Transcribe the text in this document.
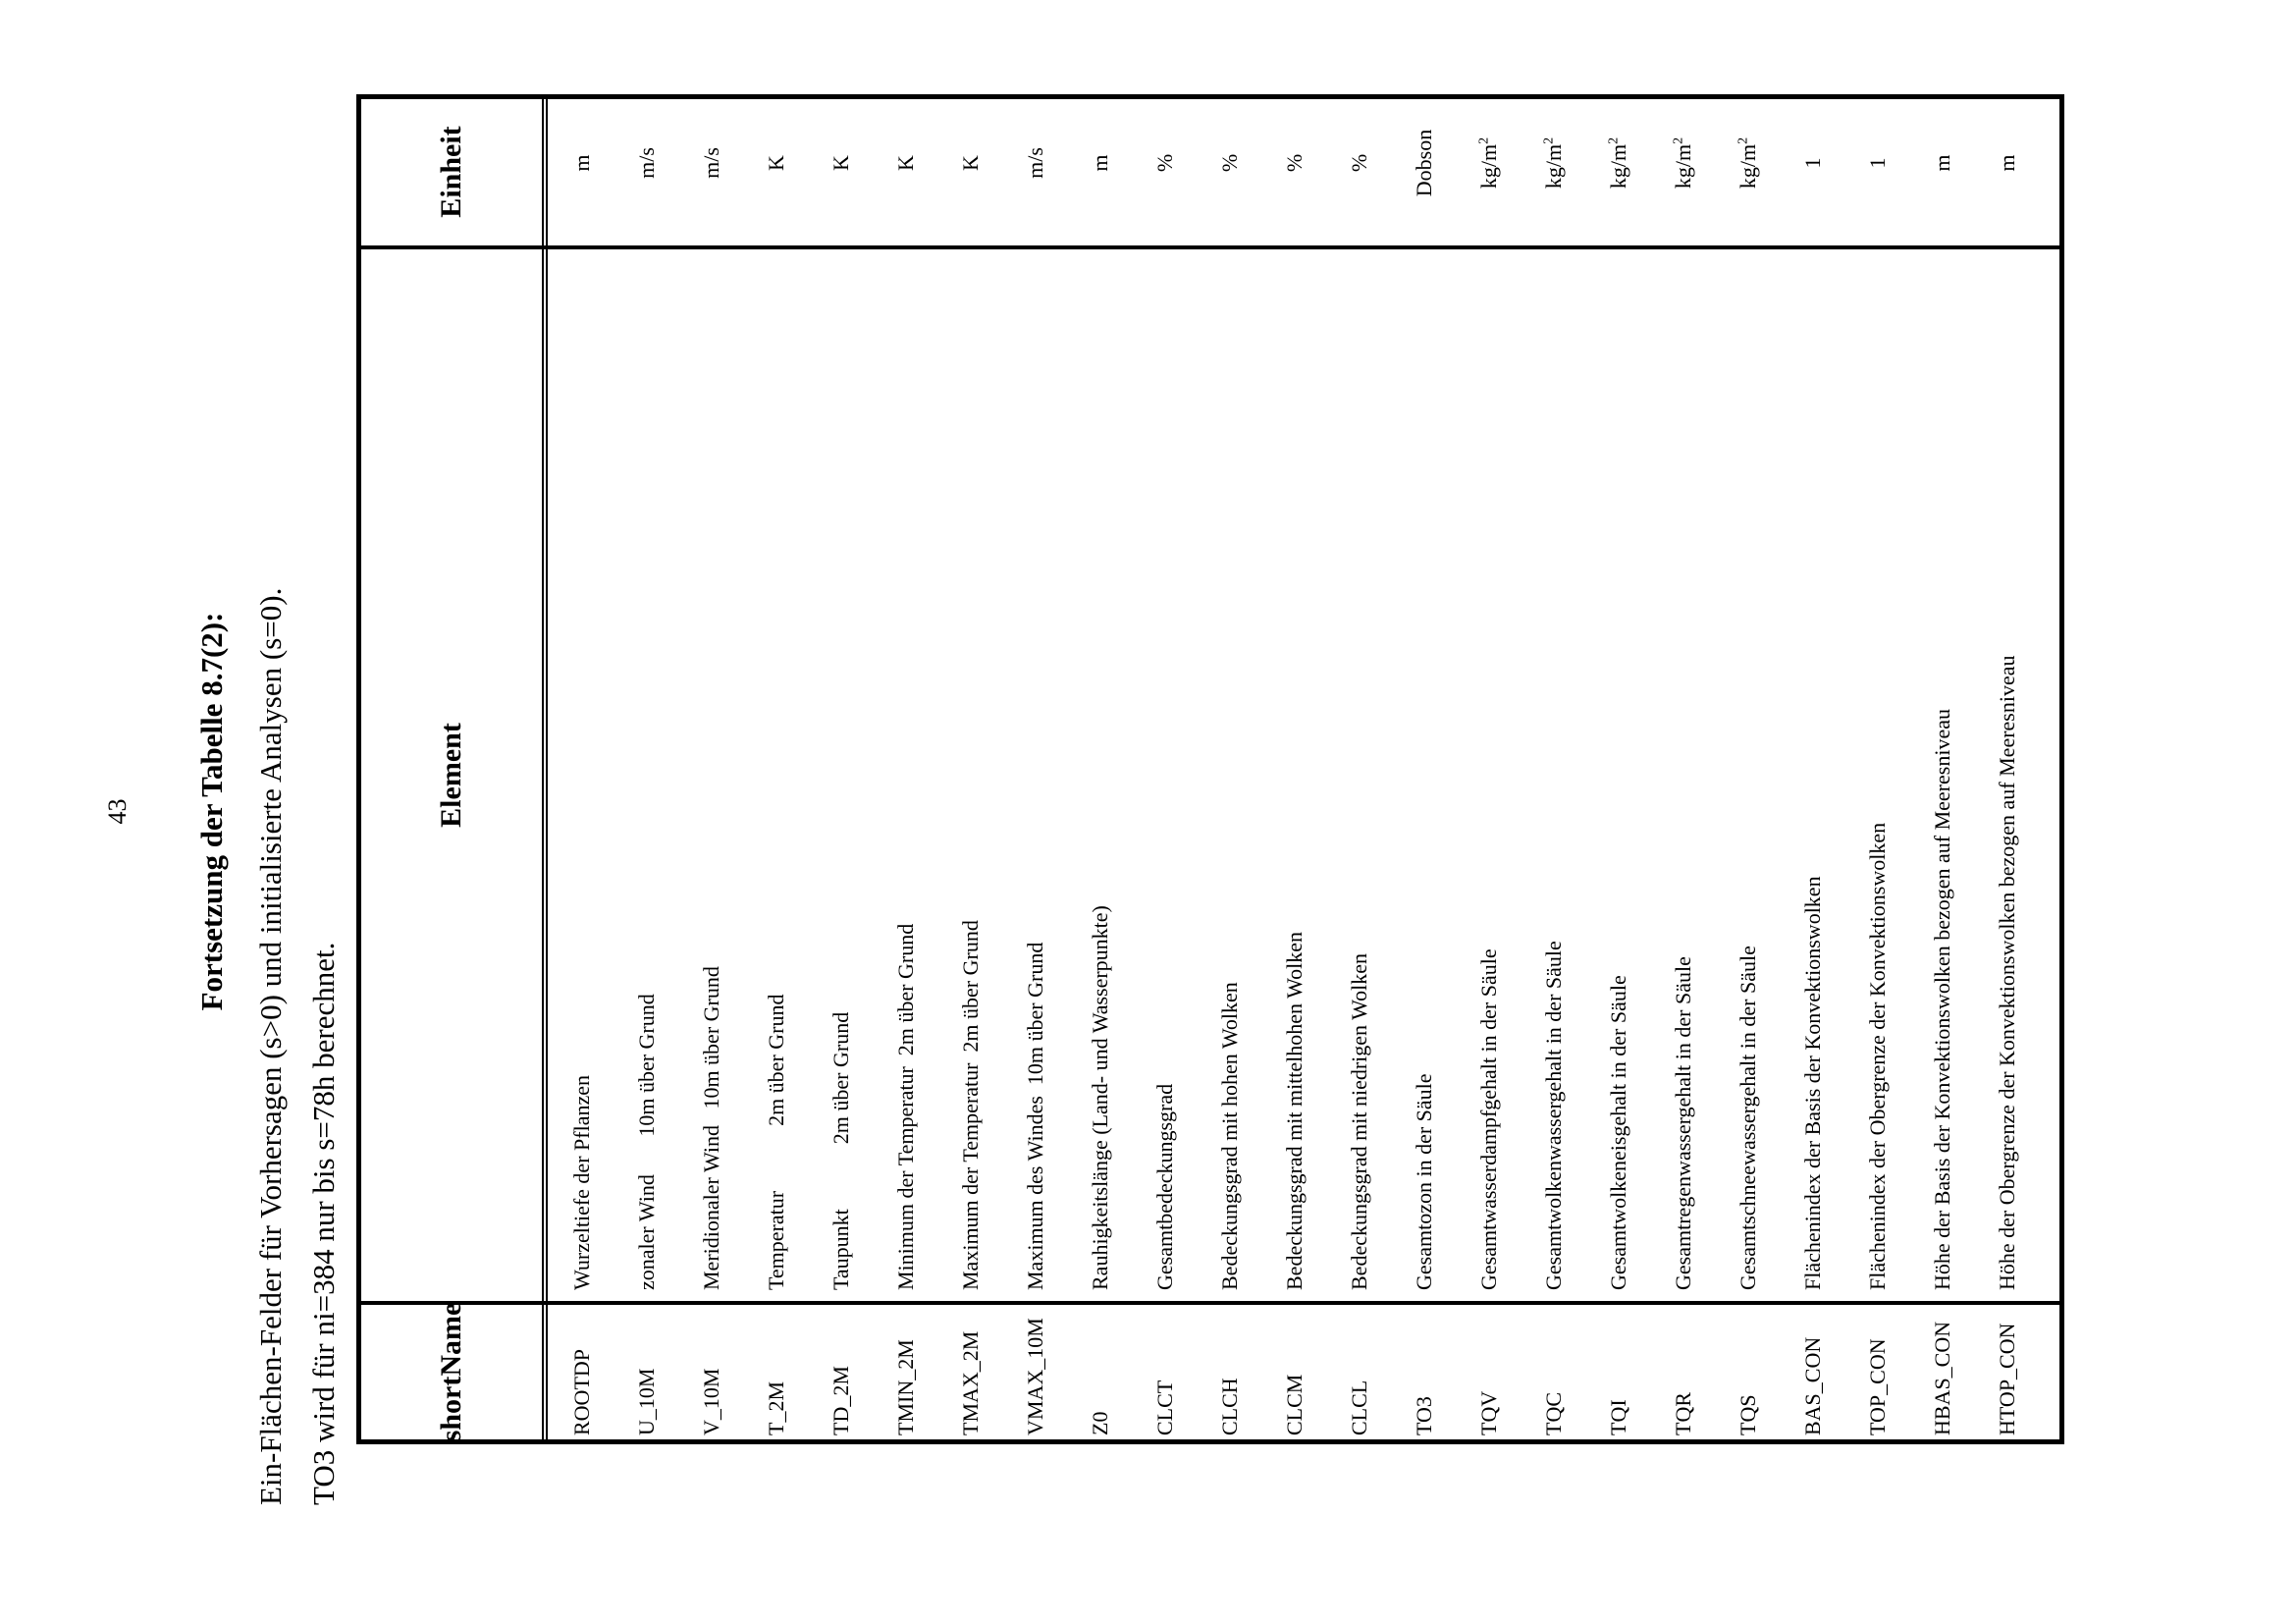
43 Fortsetzung der Tabelle 8.7(2): Ein-Flächen-Felder für Vorhersagen (s>0) und initialisierte Analysen (s=0). TO3 wird für ni=384 nur bis s=78h berechnet.	shortName
Element
Einheit
ROOTDP
Wurzeltiefe der Pflanzen
m
U_10M
zonaler Wind       10m über Grund
m/s
V_10M
Meridionaler Wind   10m über Grund
m/s
T_2M
Temperatur            2m über Grund
K
TD_2M
Taupunkt            2m über Grund
K
TMIN_2M
Minimum der Temperatur  2m über Grund
K
TMAX_2M
Maximum der Temperatur  2m über Grund
K
VMAX_10M
Maximum des Windes  10m über Grund
m/s
Z0
Rauhigkeitslänge (Land- und Wasserpunkte)
m
CLCT
Gesamtbedeckungsgrad
%
CLCH
Bedeckungsgrad mit hohen Wolken
%
CLCM
Bedeckungsgrad mit mittelhohen Wolken
%
CLCL
Bedeckungsgrad mit niedrigen Wolken
%
TO3
Gesamtozon in der Säule
Dobson
TQV
Gesamtwasserdampfgehalt in der Säule
$kg/m^2$
TQC
Gesamtwolkenwassergehalt in der Säule
$kg/m^2$
TQI
Gesamtwolkeneisgehalt in der Säule
$kg/m^2$
TQR
Gesamtregenwassergehalt in der Säule
$kg/m^2$
TQS
Gesamtschneewassergehalt in der Säule
$kg/m^2$
BAS_CON
Flächenindex der Basis der Konvektionswolken
1
TOP_CON
Flächenindex der Obergrenze der Konvektionswolken
1
HBAS_CON
Höhe der Basis der Konvektionswolken bezogen auf Meeresniveau
m
HTOP_CON
Höhe der Obergrenze der Konvektionswolken bezogen auf Meeresniveau
m
